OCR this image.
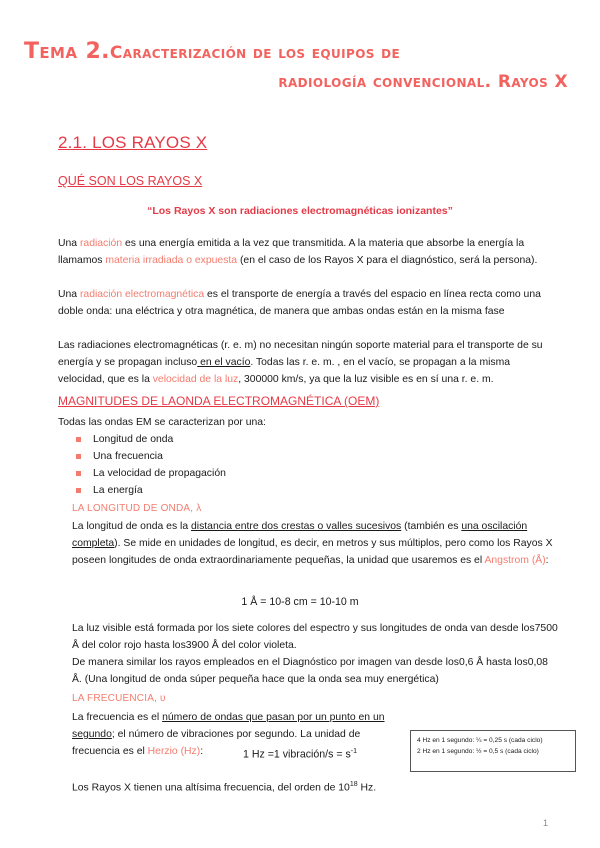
Tema 2.Caracterización de los equipos de
radiología convencional. Rayos X
2.1. LOS RAYOS X
QUÉ SON LOS RAYOS X
“Los Rayos X son radiaciones electromagnéticas ionizantes”
Una radiación es una energía emitida a la vez que transmitida. A la materia que absorbe la energía la llamamos materia irradiada o expuesta (en el caso de los Rayos X para el diagnóstico, será la persona).
Una radiación electromagnética es el transporte de energía a través del espacio en línea recta como una doble onda: una eléctrica y otra magnética, de manera que ambas ondas están en la misma fase
Las radiaciones electromagnéticas (r. e. m) no necesitan ningún soporte material para el transporte de su energía y se propagan incluso en el vacío. Todas las r. e. m. , en el vacío, se propagan a la misma velocidad, que es la velocidad de la luz, 300000 km/s, ya que la luz visible es en sí una r. e. m.
MAGNITUDES DE LAONDA ELECTROMAGNÉTICA (OEM)
Todas las ondas EM se caracterizan por una:
Longitud de onda
Una frecuencia
La velocidad de propagación
La energía
LA LONGITUD DE ONDA, λ
La longitud de onda es la distancia entre dos crestas o valles sucesivos (también es una oscilación completa). Se mide en unidades de longitud, es decir, en metros y sus múltiplos, pero como los Rayos X poseen longitudes de onda extraordinariamente pequeñas, la unidad que usaremos es el Angstrom (Å):
1 Å = 10-8 cm = 10-10 m
La luz visible está formada por los siete colores del espectro y sus longitudes de onda van desde los7500 Å del color rojo hasta los3900 Å del color violeta.
De manera similar los rayos empleados en el Diagnóstico por imagen van desde los0,6 Å hasta los0,08 Å. (Una longitud de onda súper pequeña hace que la onda sea muy energética)
LA FRECUENCIA, υ
La frecuencia es el número de ondas que pasan por un punto en un segundo; el número de vibraciones por segundo. La unidad de frecuencia es el Herzio (Hz):	1 Hz =1 vibración/s = $s^{-1}$
Los Rayos X tienen una altísima frecuencia, del orden de $10^{18}$ Hz.
4 Hz en 1 segundo: ¼ = 0,25 s (cada ciclo)
2 Hz en 1 segundo: ½ = 0,5 s (cada ciclo)
1
